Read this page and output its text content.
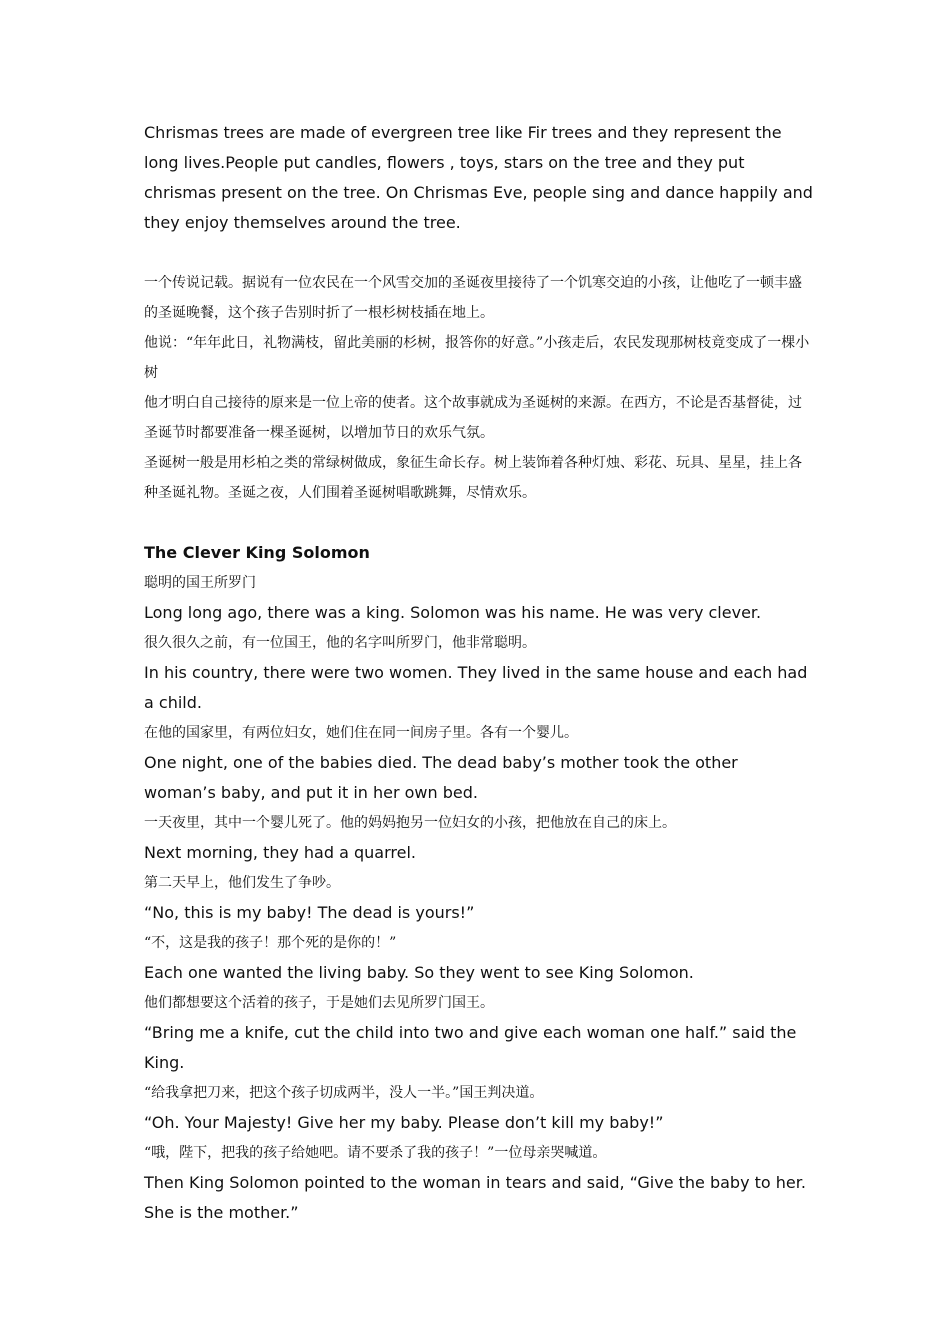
Chrismas trees are made of evergreen tree like Fir trees and they represent the long lives.People put candles, flowers , toys, stars on the tree and they put chrismas present on the tree. On Chrismas Eve, people sing and dance happily and they enjoy themselves around the tree.

一个传说记载。据说有一位农民在一个风雪交加的圣诞夜里接待了一个饥寒交迫的小孩，让他吃了一顿丰盛的圣诞晚餐，这个孩子告别时折了一根杉树枝插在地上。

他说：“年年此日，礼物满枝，留此美丽的杉树，报答你的好意。”小孩走后，农民发现那树枝竟变成了一棵小树

他才明白自己接待的原来是一位上帝的使者。这个故事就成为圣诞树的来源。在西方，不论是否基督徒，过圣诞节时都要准备一棵圣诞树，以增加节日的欢乐气氛。

圣诞树一般是用杉柏之类的常绿树做成，象征生命长存。树上装饰着各种灯烛、彩花、玩具、星星，挂上各种圣诞礼物。圣诞之夜，人们围着圣诞树唱歌跳舞，尽情欢乐。

The Clever King Solomon

聪明的国王所罗门

Long long ago, there was a king. Solomon was his name. He was very clever.

很久很久之前，有一位国王，他的名字叫所罗门，他非常聪明。

In his country, there were two women. They lived in the same house and each had a child.

在他的国家里，有两位妇女，她们住在同一间房子里。各有一个婴儿。

One night, one of the babies died. The dead baby’s mother took the other woman’s baby, and put it in her own bed.

一天夜里，其中一个婴儿死了。他的妈妈抱另一位妇女的小孩，把他放在自己的床上。

Next morning, they had a quarrel.

第二天早上，他们发生了争吵。

“No, this is my baby! The dead is yours!”

“不，这是我的孩子！那个死的是你的！”

Each one wanted the living baby. So they went to see King Solomon.

他们都想要这个活着的孩子，于是她们去见所罗门国王。

“Bring me a knife, cut the child into two and give each woman one half.” said the King.

“给我拿把刀来，把这个孩子切成两半，没人一半。”国王判决道。

“Oh. Your Majesty! Give her my baby. Please don’t kill my baby!”

“哦，陛下，把我的孩子给她吧。请不要杀了我的孩子！”一位母亲哭喊道。

Then King Solomon pointed to the woman in tears and said, “Give the baby to her. She is the mother.”
